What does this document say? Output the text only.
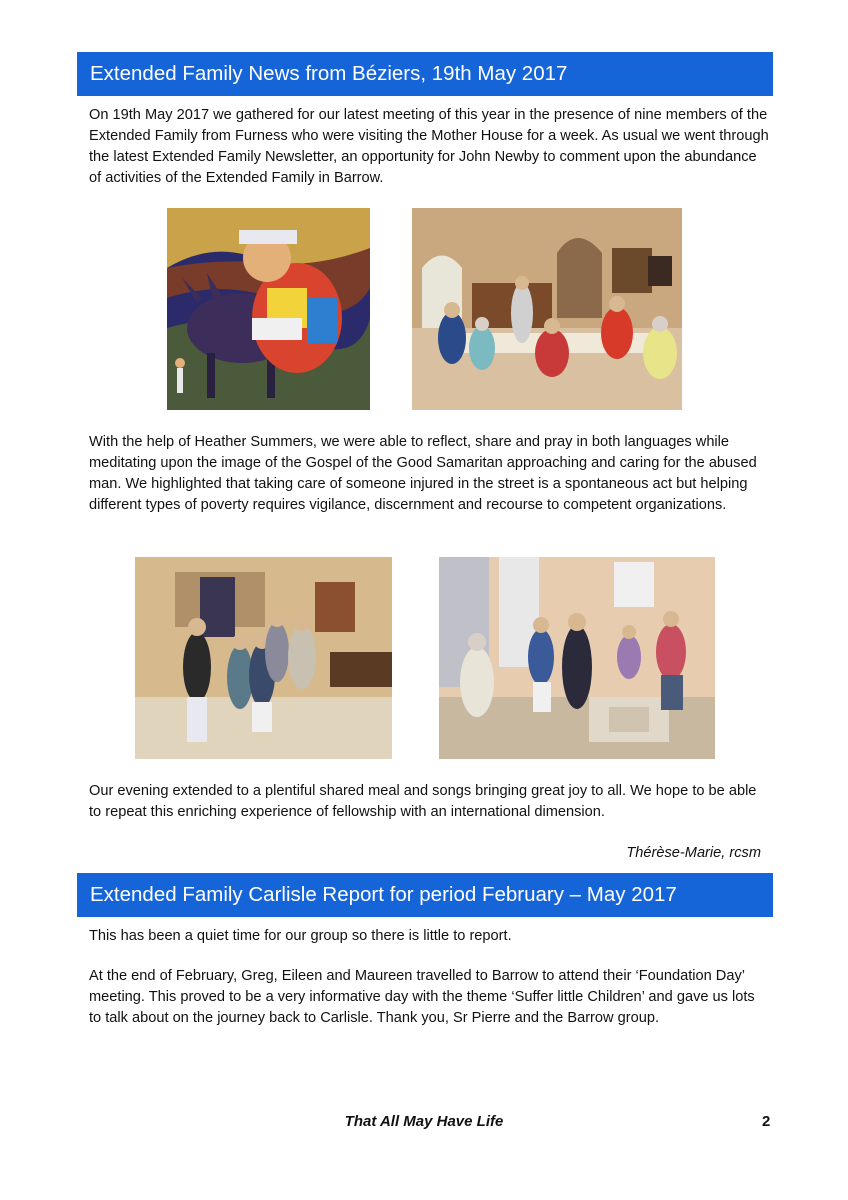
Extended Family News from Béziers, 19th May 2017

On 19th May 2017 we gathered for our latest meeting of this year in the presence of nine members of the Extended Family from Furness who were visiting the Mother House for a week. As usual we went through the latest Extended Family Newsletter, an opportunity for John Newby to comment upon the abundance of activities of the Extended Family in Barrow.

With the help of Heather Summers, we were able to reflect, share and pray in both languages while meditating upon the image of the Gospel of the Good Samaritan approaching and caring for the abused man. We highlighted that taking care of someone injured in the street is a spontaneous act but helping different types of poverty requires vigilance, discernment and recourse to competent organizations.

Our evening extended to a plentiful shared meal and songs bringing great joy to all. We hope to be able to repeat this enriching experience of fellowship with an international dimension.

Thérèse-Marie, rcsm
Extended Family Carlisle Report for period February – May 2017

This has been a quiet time for our group so there is little to report.

At the end of February, Greg, Eileen and Maureen travelled to Barrow to attend their ‘Foundation Day’ meeting. This proved to be a very informative day with the theme ‘Suffer little Children’ and gave us lots to talk about on the journey back to Carlisle. Thank you, Sr Pierre and the Barrow group.

That All May Have Life	2
